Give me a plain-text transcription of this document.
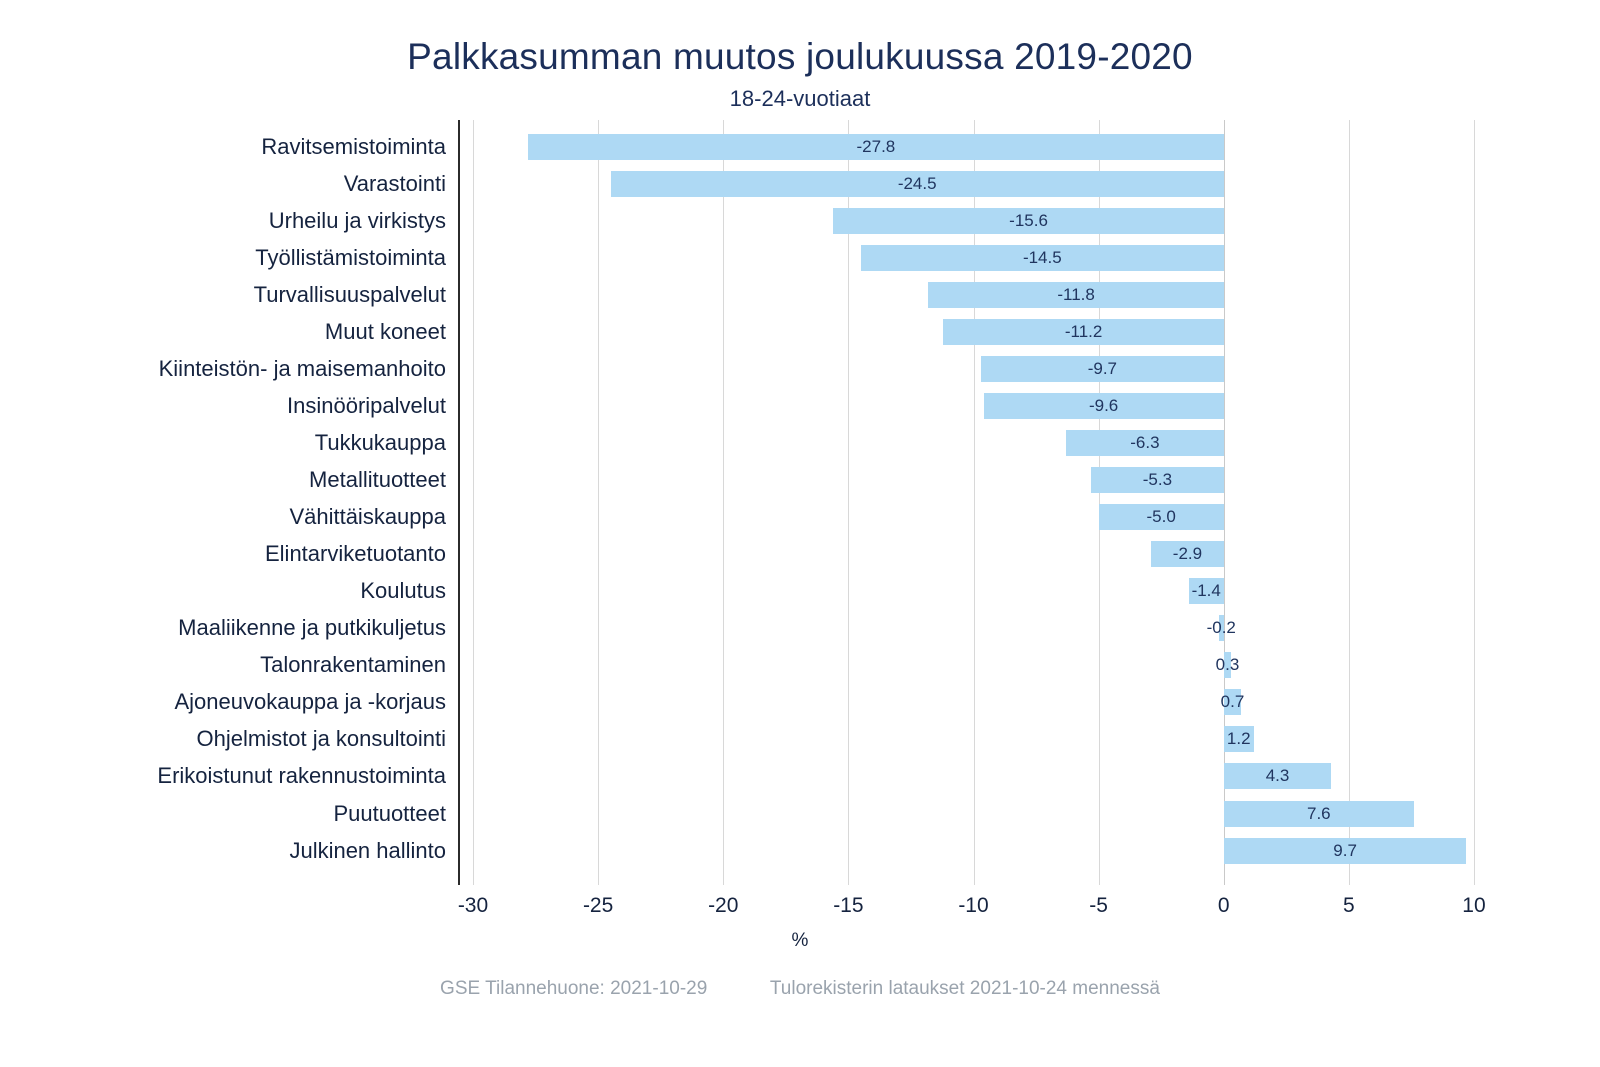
Palkkasumman muutos joulukuussa 2019-2020
18-24-vuotiaat
-27.8
-24.5
-15.6
-14.5
-11.8
-11.2
-9.7
-9.6
-6.3
-5.3
-5.0
-2.9
-1.4
-0.2
0.3
0.7
1.2
4.3
7.6
9.7
-30	-25	-20	-15	-10	-5	0	5	10
%
GSE Tilannehuone: 2021-10-29	Tulorekisterin lataukset 2021-10-24 mennessä
Ravitsemistoiminta
Varastointi
Urheilu ja virkistys
Työllistämistoiminta
Turvallisuuspalvelut
Muut koneet
Kiinteistön- ja maisemanhoito
Insinööripalvelut
Tukkukauppa
Metallituotteet
Vähittäiskauppa
Elintarviketuotanto
Koulutus
Maaliikenne ja putkikuljetus
Talonrakentaminen
Ajoneuvokauppa ja -korjaus
Ohjelmistot ja konsultointi
Erikoistunut rakennustoiminta
Puutuotteet
Julkinen hallinto
